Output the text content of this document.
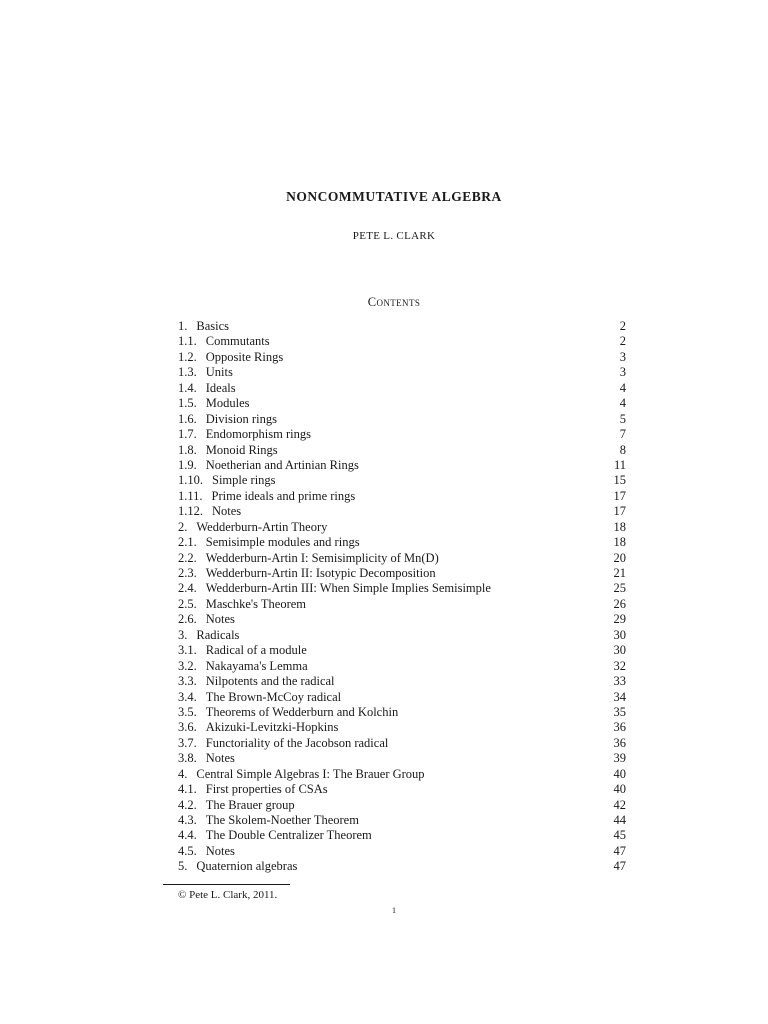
NONCOMMUTATIVE ALGEBRA
PETE L. CLARK
Contents
1. Basics	2
1.1. Commutants	2
1.2. Opposite Rings	3
1.3. Units	3
1.4. Ideals	4
1.5. Modules	4
1.6. Division rings	5
1.7. Endomorphism rings	7
1.8. Monoid Rings	8
1.9. Noetherian and Artinian Rings	11
1.10. Simple rings	15
1.11. Prime ideals and prime rings	17
1.12. Notes	17
2. Wedderburn-Artin Theory	18
2.1. Semisimple modules and rings	18
2.2. Wedderburn-Artin I: Semisimplicity of Mn(D)	20
2.3. Wedderburn-Artin II: Isotypic Decomposition	21
2.4. Wedderburn-Artin III: When Simple Implies Semisimple	25
2.5. Maschke's Theorem	26
2.6. Notes	29
3. Radicals	30
3.1. Radical of a module	30
3.2. Nakayama's Lemma	32
3.3. Nilpotents and the radical	33
3.4. The Brown-McCoy radical	34
3.5. Theorems of Wedderburn and Kolchin	35
3.6. Akizuki-Levitzki-Hopkins	36
3.7. Functoriality of the Jacobson radical	36
3.8. Notes	39
4. Central Simple Algebras I: The Brauer Group	40
4.1. First properties of CSAs	40
4.2. The Brauer group	42
4.3. The Skolem-Noether Theorem	44
4.4. The Double Centralizer Theorem	45
4.5. Notes	47
5. Quaternion algebras	47
© Pete L. Clark, 2011.
1
